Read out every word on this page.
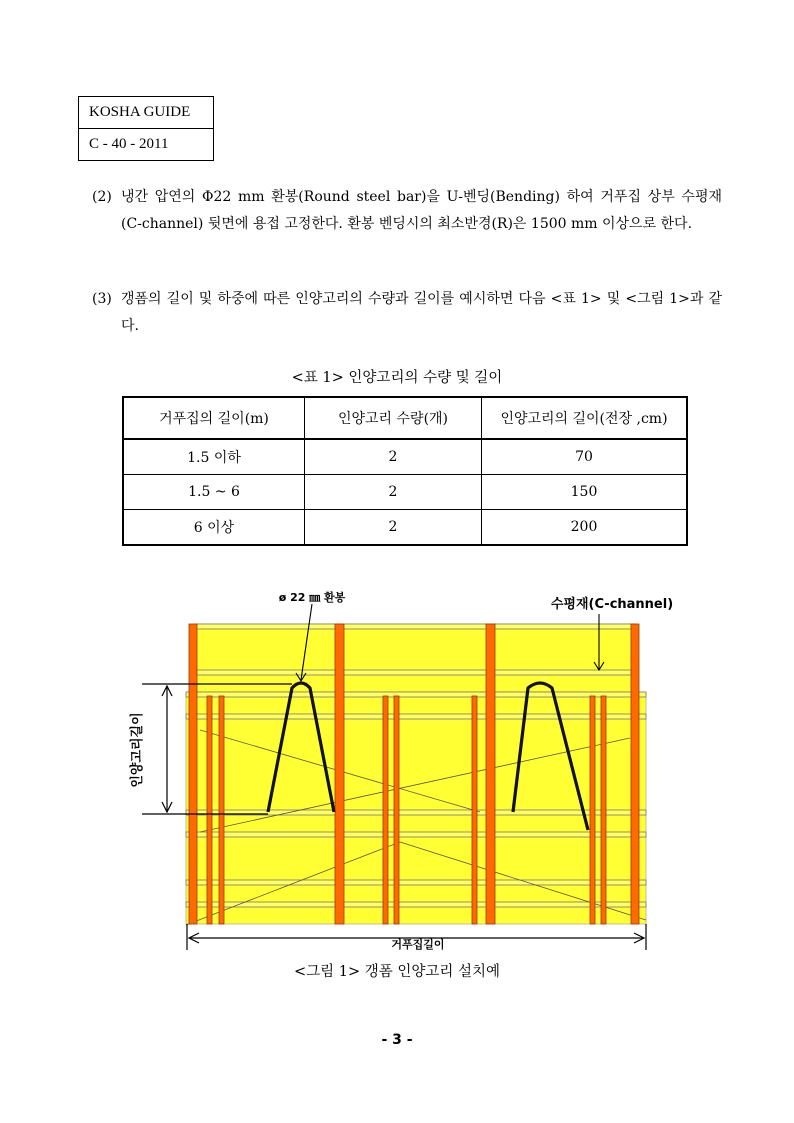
KOSHA GUIDE
C - 40 - 2011
(2) 냉간 압연의 Φ22 mm 환봉(Round steel bar)을 U-벤딩(Bending) 하여 거푸집 상부 수평재 (C-channel) 뒷면에 용접 고정한다. 환봉 벤딩시의 최소반경(R)은 1500 mm 이상으로 한다.
(3) 갱폼의 길이 및 하중에 따른 인양고리의 수량과 길이를 예시하면 다음 <표 1> 및 <그림 1>과 같다.
<표 1> 인양고리의 수량 및 길이
거푸집의 길이(m)	인양고리 수량(개)	인양고리의 길이(전장 ,cm)
1.5 이하	2	70
1.5 ~ 6	2	150
6 이상	2	200
ø 22 ㎜ 환봉	수평재(C-channel)
인양고리길이
거푸집길이
<그림 1> 갱폼 인양고리 설치예
- 3 -
